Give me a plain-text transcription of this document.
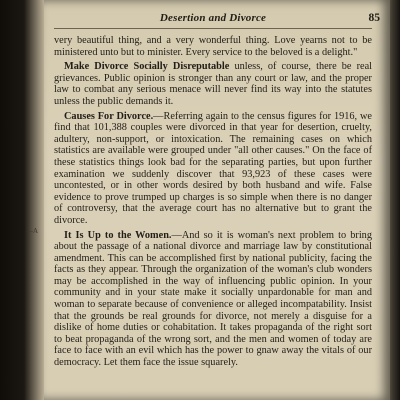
Desertion and Divorce	85

very beautiful thing, and a very wonderful thing. Love yearns not to be ministered unto but to minister. Every service to the beloved is a delight."

Make Divorce Socially Disreputable unless, of course, there be real grievances. Public opinion is stronger than any court or law, and the proper law to combat any serious menace will never find its way into the statutes unless the public demands it.

Causes For Divorce.—Referring again to the census figures for 1916, we find that 101,388 couples were divorced in that year for desertion, cruelty, adultery, non-support, or intoxication. The remaining cases on which statistics are available were grouped under "all other causes." On the face of these statistics things look bad for the separating parties, but upon further examination we suddenly discover that 93,923 of these cases were uncontested, or in other words desired by both husband and wife. False evidence to prove trumped up charges is so simple when there is no danger of controversy, that the average court has no alternative but to grant the divorce.

It Is Up to the Women.—And so it is woman's next problem to bring about the passage of a national divorce and marriage law by constitutional amendment. This can be accomplished first by national publicity, facing the facts as they appear. Through the organization of the woman's club wonders may be accomplished in the way of influencing public opinion. In your community and in your state make it socially unpardonable for man and woman to separate because of convenience or alleged incompatability. Insist that the grounds be real grounds for divorce, not merely a disguise for a dislike of home duties or cohabitation. It takes propaganda of the right sort to beat propaganda of the wrong sort, and the men and women of today are face to face with an evil which has the power to gnaw away the vitals of our democracy. Let them face the issue squarely.

—A
